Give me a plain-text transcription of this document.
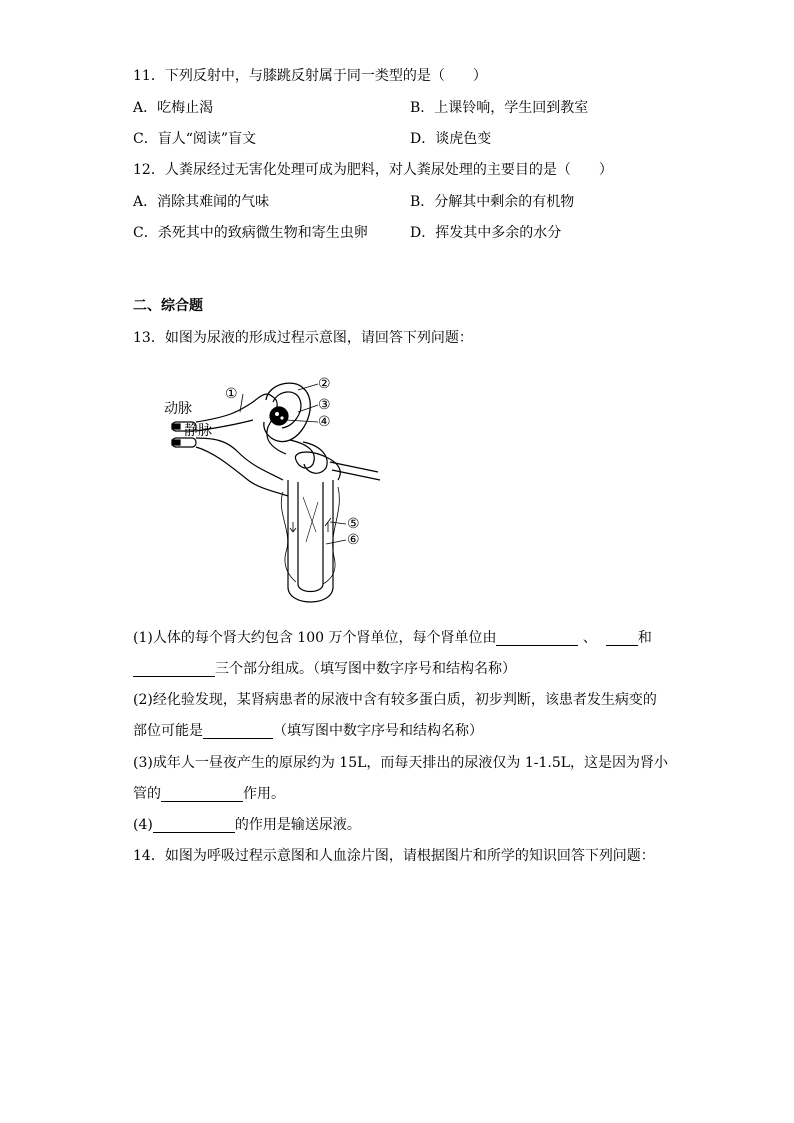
11．下列反射中，与膝跳反射属于同一类型的是（　　）
A．吃梅止渴	B．上课铃响，学生回到教室
C．盲人“阅读”盲文	D．谈虎色变
12．人粪尿经过无害化处理可成为肥料，对人粪尿处理的主要目的是（　　）
A．消除其难闻的气味	B．分解其中剩余的有机物
C．杀死其中的致病微生物和寄生虫卵	D．挥发其中多余的水分
二、综合题
13．如图为尿液的形成过程示意图，请回答下列问题：
动脉
静脉
①
②
③
④
⑤
⑥
(1)人体的每个肾大约包含 100 万个肾单位，每个肾单位由	、	和
三个部分组成。（填写图中数字序号和结构名称）
(2)经化验发现，某肾病患者的尿液中含有较多蛋白质，初步判断，该患者发生病变的
部位可能是	（填写图中数字序号和结构名称）
(3)成年人一昼夜产生的原尿约为 15L，而每天排出的尿液仅为 1-1.5L，这是因为肾小
管的	作用。
(4)	的作用是输送尿液。
14．如图为呼吸过程示意图和人血涂片图，请根据图片和所学的知识回答下列问题：
